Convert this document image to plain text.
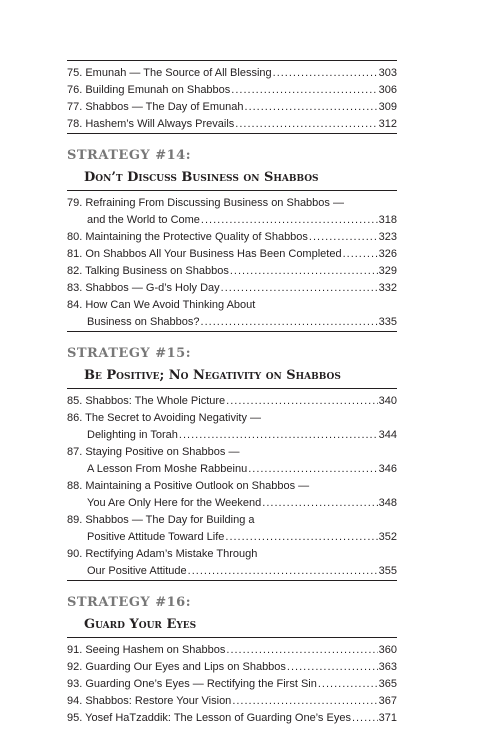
75. Emunah — The Source of All Blessing .....	303
76. Building Emunah on Shabbos .....	306
77. Shabbos — The Day of Emunah .....	309
78. Hashem’s Will Always Prevails .....	312
STRATEGY #14:
Don’t Discuss Business on Shabbos
79. Refraining From Discussing Business on Shabbos —
and the World to Come .....	318
80. Maintaining the Protective Quality of Shabbos .....	323
81. On Shabbos All Your Business Has Been Completed .....	326
82. Talking Business on Shabbos .....	329
83. Shabbos — G-d’s Holy Day .....	332
84. How Can We Avoid Thinking About
Business on Shabbos? .....	335
STRATEGY #15:
Be Positive; No Negativity on Shabbos
85. Shabbos: The Whole Picture .....	340
86. The Secret to Avoiding Negativity —
Delighting in Torah .....	344
87. Staying Positive on Shabbos —
A Lesson From Moshe Rabbeinu .....	346
88. Maintaining a Positive Outlook on Shabbos —
You Are Only Here for the Weekend .....	348
89. Shabbos — The Day for Building a
Positive Attitude Toward Life .....	352
90. Rectifying Adam’s Mistake Through
Our Positive Attitude .....	355
STRATEGY #16:
Guard Your Eyes
91. Seeing Hashem on Shabbos .....	360
92. Guarding Our Eyes and Lips on Shabbos .....	363
93. Guarding One’s Eyes — Rectifying the First Sin .....	365
94. Shabbos: Restore Your Vision .....	367
95. Yosef HaTzaddik: The Lesson of Guarding One’s Eyes .....	371
